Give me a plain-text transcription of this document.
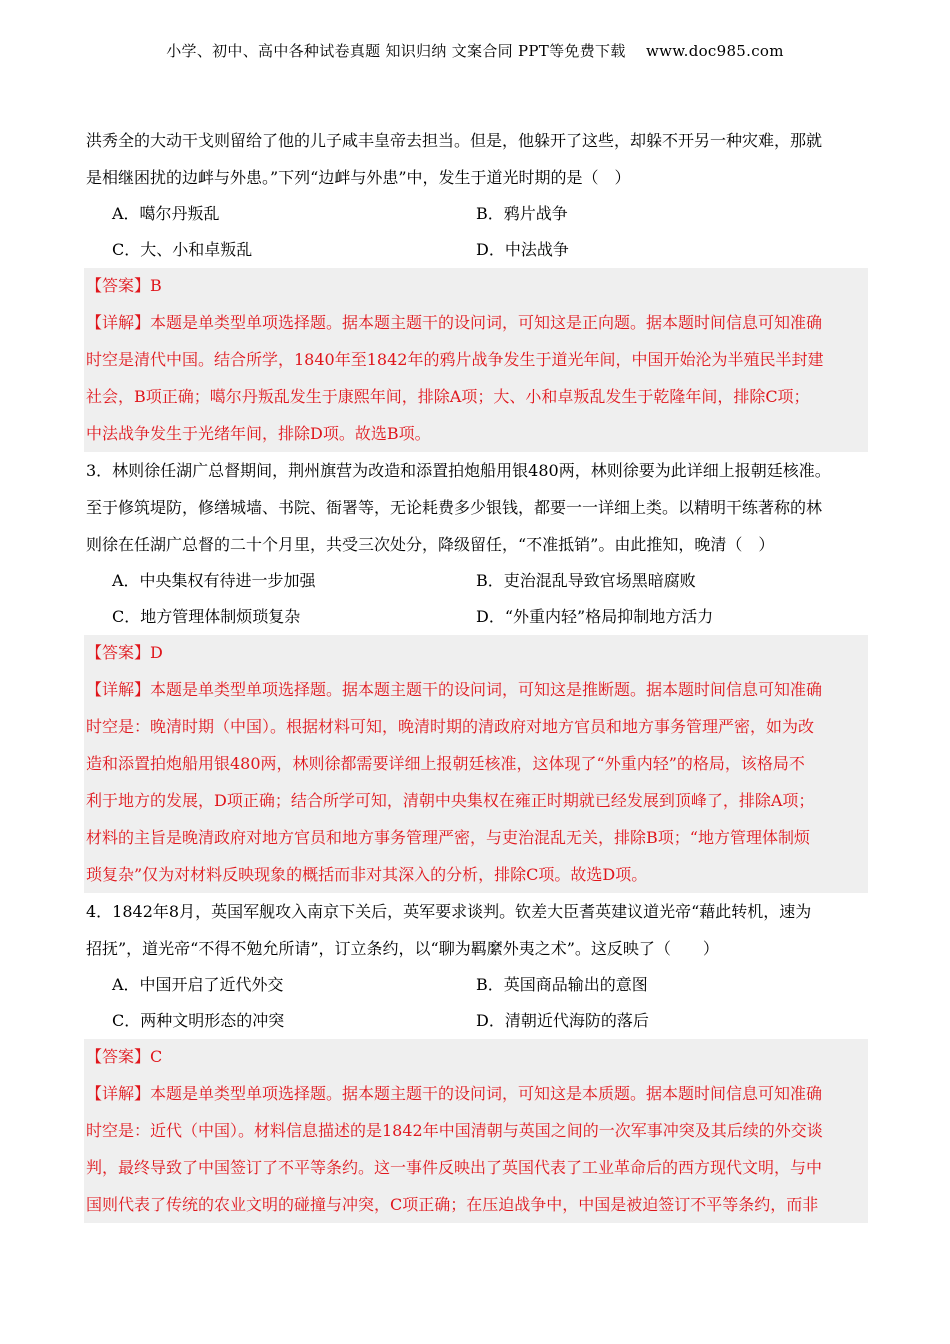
小学、初中、高中各种试卷真题 知识归纳 文案合同 PPT等免费下载　 www.doc985.com
洪秀全的大动干戈则留给了他的儿子咸丰皇帝去担当。但是，他躲开了这些，却躲不开另一种灾难，那就
是相继困扰的边衅与外患。”下列“边衅与外患”中，发生于道光时期的是（　）
A．噶尔丹叛乱	B．鸦片战争
C．大、小和卓叛乱	D．中法战争
【答案】B
【详解】本题是单类型单项选择题。据本题主题干的设问词，可知这是正向题。据本题时间信息可知准确
时空是清代中国。结合所学，1840年至1842年的鸦片战争发生于道光年间，中国开始沦为半殖民半封建
社会，B项正确；噶尔丹叛乱发生于康熙年间，排除A项；大、小和卓叛乱发生于乾隆年间，排除C项；
中法战争发生于光绪年间，排除D项。故选B项。
3．林则徐任湖广总督期间，荆州旗营为改造和添置拍炮船用银480两，林则徐要为此详细上报朝廷核准。
至于修筑堤防，修缮城墙、书院、衙署等，无论耗费多少银钱，都要一一详细上类。以精明干练著称的林
则徐在任湖广总督的二十个月里，共受三次处分，降级留任，“不准抵销”。由此推知，晚清（　）
A．中央集权有待进一步加强	B．吏治混乱导致官场黑暗腐败
C．地方管理体制烦琐复杂	D．“外重内轻”格局抑制地方活力
【答案】D
【详解】本题是单类型单项选择题。据本题主题干的设问词，可知这是推断题。据本题时间信息可知准确
时空是：晚清时期（中国）。根据材料可知，晚清时期的清政府对地方官员和地方事务管理严密，如为改
造和添置拍炮船用银480两，林则徐都需要详细上报朝廷核准，这体现了“外重内轻”的格局，该格局不
利于地方的发展，D项正确；结合所学可知，清朝中央集权在雍正时期就已经发展到顶峰了，排除A项；
材料的主旨是晚清政府对地方官员和地方事务管理严密，与吏治混乱无关，排除B项；“地方管理体制烦
琐复杂”仅为对材料反映现象的概括而非对其深入的分析，排除C项。故选D项。
4．1842年8月，英国军舰攻入南京下关后，英军要求谈判。钦差大臣耆英建议道光帝“藉此转机，速为
招抚”，道光帝“不得不勉允所请”，订立条约，以“聊为羁縻外夷之术”。这反映了（　　）
A．中国开启了近代外交	B．英国商品输出的意图
C．两种文明形态的冲突	D．清朝近代海防的落后
【答案】C
【详解】本题是单类型单项选择题。据本题主题干的设问词，可知这是本质题。据本题时间信息可知准确
时空是：近代（中国）。材料信息描述的是1842年中国清朝与英国之间的一次军事冲突及其后续的外交谈
判，最终导致了中国签订了不平等条约。这一事件反映出了英国代表了工业革命后的西方现代文明，与中
国则代表了传统的农业文明的碰撞与冲突，C项正确；在压迫战争中，中国是被迫签订不平等条约，而非
